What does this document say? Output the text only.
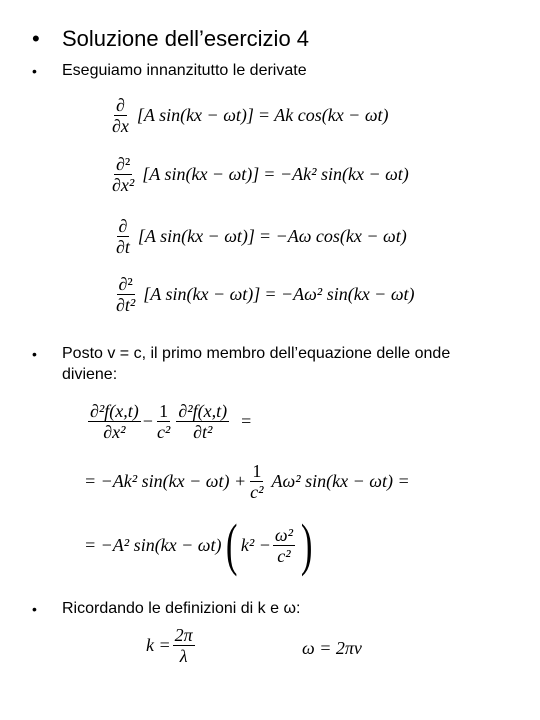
•	Soluzione dell’esercizio 4
•	Eseguiamo innanzitutto le derivate
$\frac{\partial}{\partial x} [A$ sin(kx − ωt)] = Ak cos(kx − ωt)
$\frac{\text{∂²}}{\text{∂x²}} [A$ sin(kx − ωt)] = −Ak² sin(kx − ωt)
$\frac{\partial}{\partial t} [A$ sin(kx − ωt)] = −Aω cos(kx − ωt)
$\frac{\text{∂²}}{\text{∂t²}} [A$ sin(kx − ωt)] = −Aω² sin(kx − ωt)
•	Posto v = c, il primo membro dell’equazione delle onde diviene:
$\frac{\text{∂²f(x,t)}}{\text{∂x²}} - \frac{1}{\text{c²}} \frac{\text{∂²f(x,t)}}{\text{∂t²}}$ =
= −Ak² $\sin(kx - \omega t) + \frac{1}{\text{c²}} A\omega^2$ sin(kx − ωt) =
= −A² sin(kx − ωt) ( $k^2 - \frac{\text{ω²}}{\text{c²}}$ )
•	Ricordando le definizioni di k e ω:
$k = \frac{2\pi}{\lambda}$	ω = 2πν
